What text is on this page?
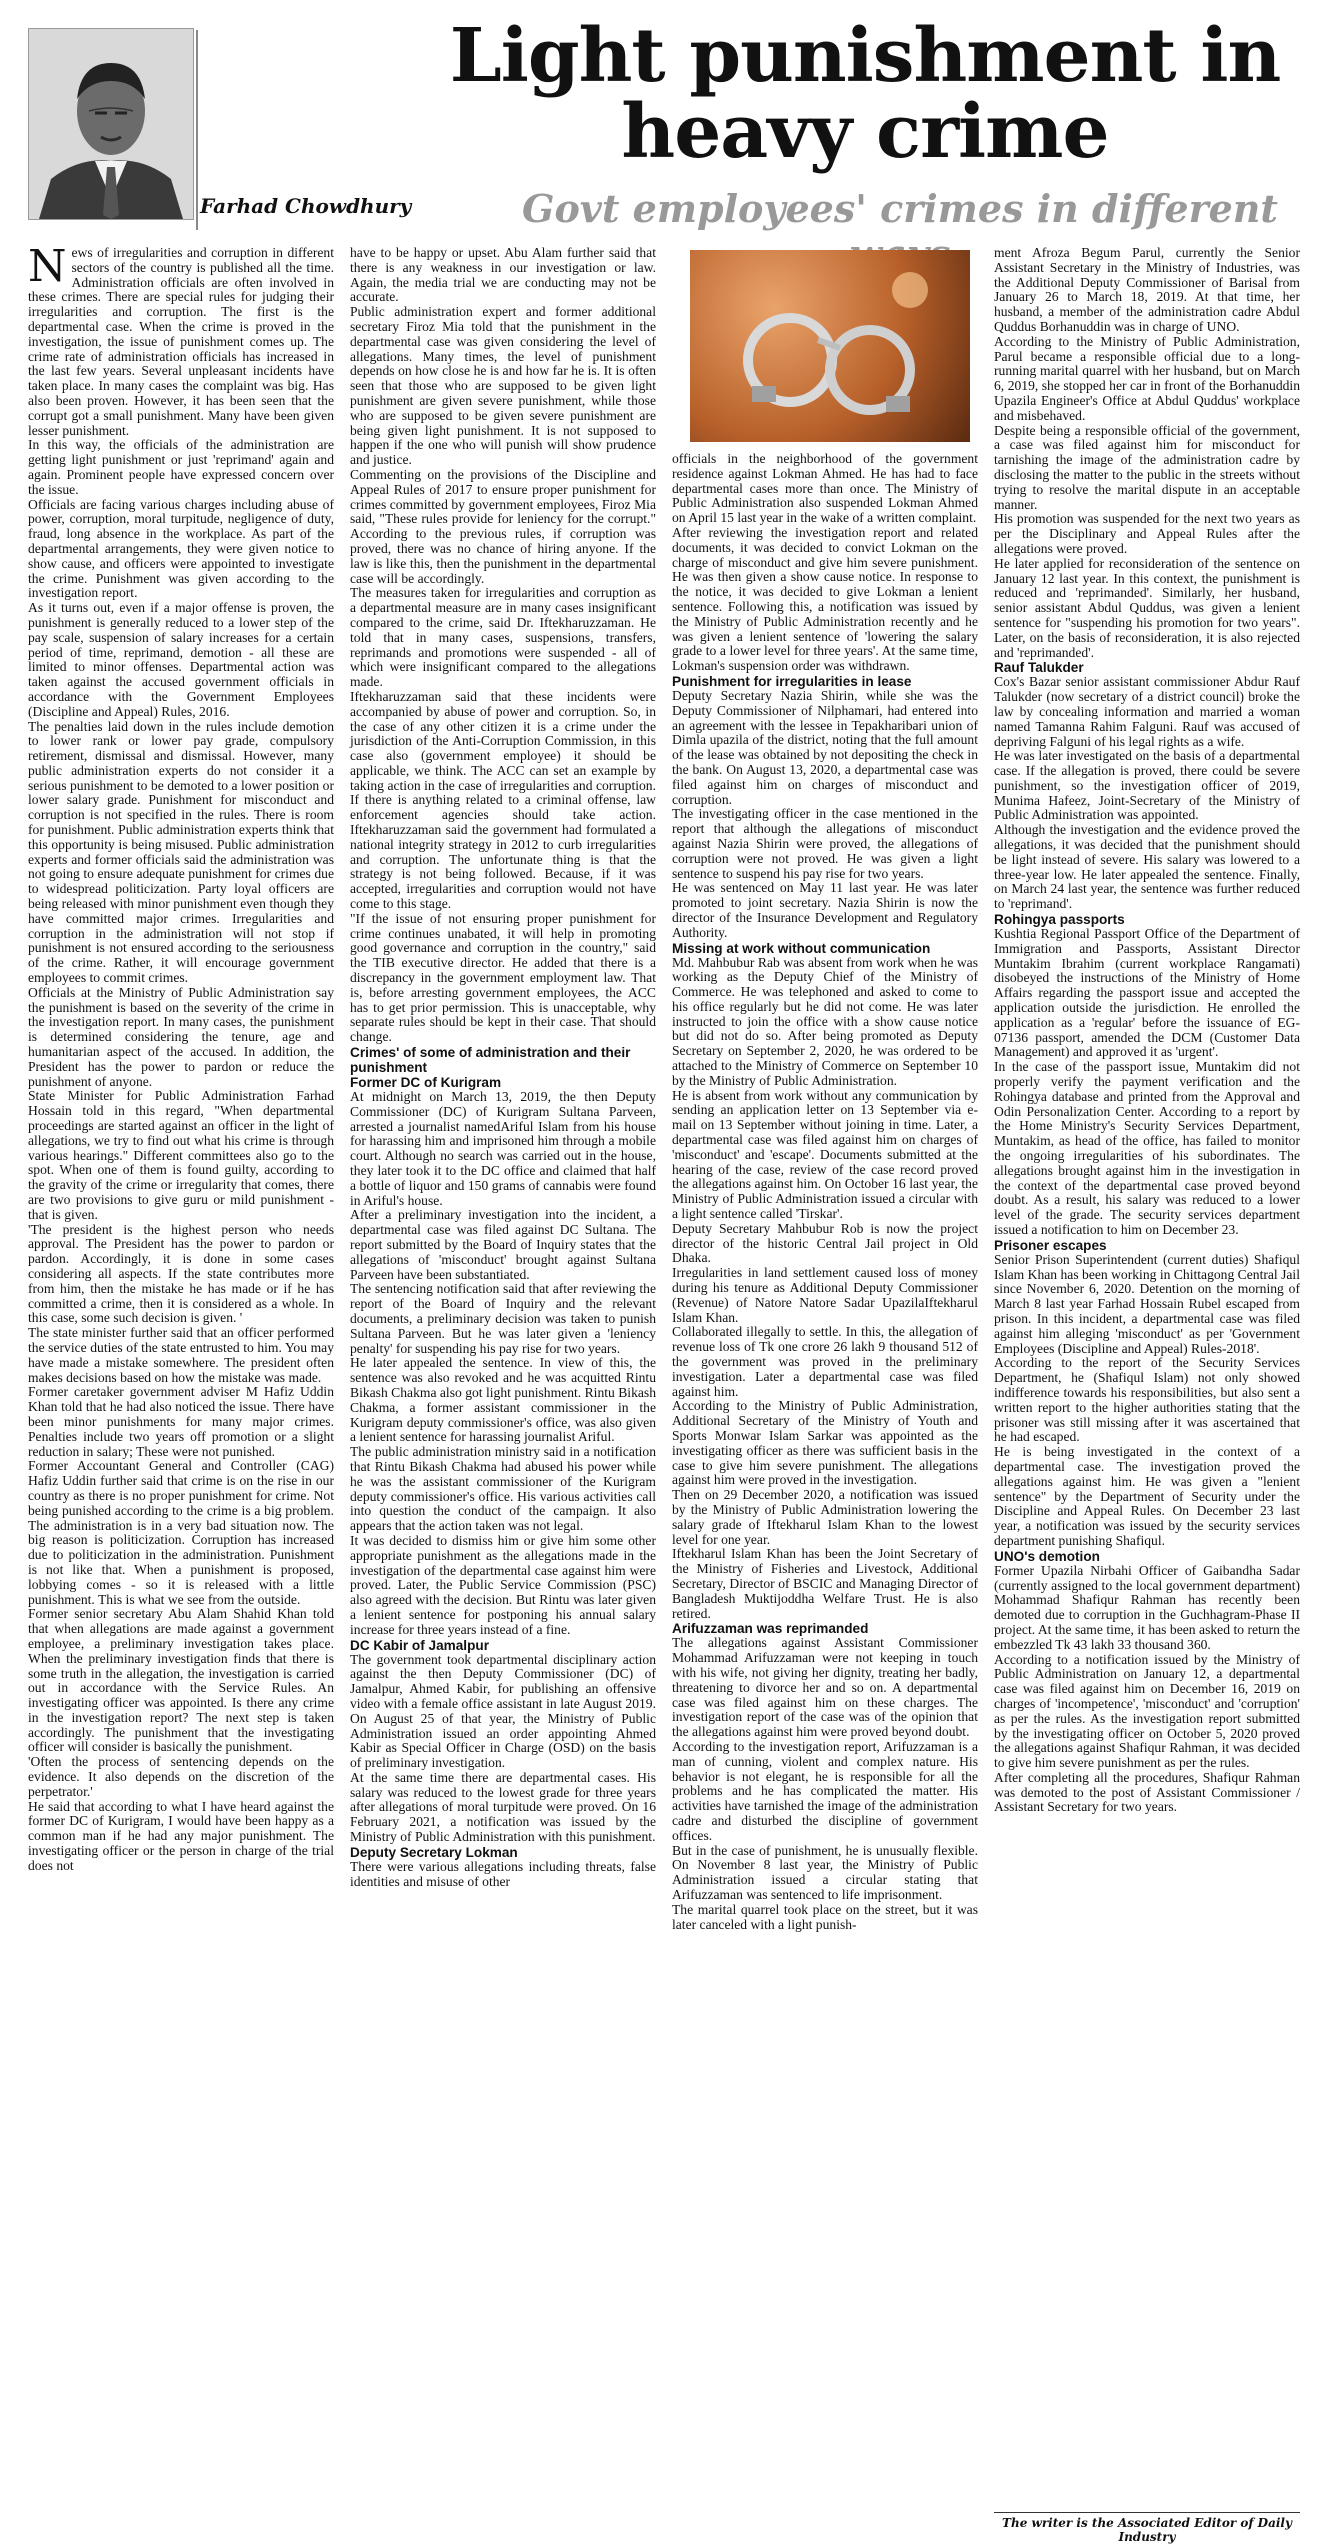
Farhad Chowdhury
Light punishment in heavy crime
Govt employees' crimes in different
N ews of irregularities and corruption in different sectors of the country is published all the time. Administration officials are often involved in these crimes. There are special rules for judging their irregularities and corruption. The first is the departmental case. When the crime is proved in the investigation, the issue of punishment comes up. The crime rate of administration officials has increased in the last few years. Several unpleasant incidents have taken place. In many cases the complaint was big. Has also been proven. However, it has been seen that the corrupt got a small punishment. Many have been given lesser punishment.

In this way, the officials of the administration are getting light punishment or just 'reprimand' again and again. Prominent people have expressed concern over the issue.

Officials are facing various charges including abuse of power, corruption, moral turpitude, negligence of duty, fraud, long absence in the workplace. As part of the departmental arrangements, they were given notice to show cause, and officers were appointed to investigate the crime. Punishment was given according to the investigation report.

As it turns out, even if a major offense is proven, the punishment is generally reduced to a lower step of the pay scale, suspension of salary increases for a certain period of time, reprimand, demotion - all these are limited to minor offenses. Departmental action was taken against the accused government officials in accordance with the Government Employees (Discipline and Appeal) Rules, 2016.

The penalties laid down in the rules include demotion to lower rank or lower pay grade, compulsory retirement, dismissal and dismissal. However, many public administration experts do not consider it a serious punishment to be demoted to a lower position or lower salary grade. Punishment for misconduct and corruption is not specified in the rules. There is room for punishment. Public administration experts think that this opportunity is being misused. Public administration experts and former officials said the administration was not going to ensure adequate punishment for crimes due to widespread politicization. Party loyal officers are being released with minor punishment even though they have committed major crimes. Irregularities and corruption in the administration will not stop if punishment is not ensured according to the seriousness of the crime. Rather, it will encourage government employees to commit crimes.

Officials at the Ministry of Public Administration say the punishment is based on the severity of the crime in the investigation report. In many cases, the punishment is determined considering the tenure, age and humanitarian aspect of the accused. In addition, the President has the power to pardon or reduce the punishment of anyone.

State Minister for Public Administration Farhad Hossain told in this regard, "When departmental proceedings are started against an officer in the light of allegations, we try to find out what his crime is through various hearings." Different committees also go to the spot. When one of them is found guilty, according to the gravity of the crime or irregularity that comes, there are two provisions to give guru or mild punishment - that is given.

'The president is the highest person who needs approval. The President has the power to pardon or pardon. Accordingly, it is done in some cases considering all aspects. If the state contributes more from him, then the mistake he has made or if he has committed a crime, then it is considered as a whole. In this case, some such decision is given. '

The state minister further said that an officer performed the service duties of the state entrusted to him. You may have made a mistake somewhere. The president often makes decisions based on how the mistake was made.

Former caretaker government adviser M Hafiz Uddin Khan told that he had also noticed the issue. There have been minor punishments for many major crimes. Penalties include two years off promotion or a slight reduction in salary; These were not punished.

Former Accountant General and Controller (CAG) Hafiz Uddin further said that crime is on the rise in our country as there is no proper punishment for crime. Not being punished according to the crime is a big problem. The administration is in a very bad situation now. The big reason is politicization. Corruption has increased due to politicization in the administration. Punishment is not like that. When a punishment is proposed, lobbying comes - so it is released with a little punishment. This is what we see from the outside.

Former senior secretary Abu Alam Shahid Khan told that when allegations are made against a government employee, a preliminary investigation takes place. When the preliminary investigation finds that there is some truth in the allegation, the investigation is carried out in accordance with the Service Rules. An investigating officer was appointed. Is there any crime in the investigation report? The next step is taken accordingly. The punishment that the investigating officer will consider is basically the punishment.

'Often the process of sentencing depends on the evidence. It also depends on the discretion of the perpetrator.'

He said that according to what I have heard against the former DC of Kurigram, I would have been happy as a common man if he had any major punishment. The investigating officer or the person in charge of the trial does not

have to be happy or upset. Abu Alam further said that there is any weakness in our investigation or law. Again, the media trial we are conducting may not be accurate.

Public administration expert and former additional secretary Firoz Mia told that the punishment in the departmental case was given considering the level of allegations. Many times, the level of punishment depends on how close he is and how far he is. It is often seen that those who are supposed to be given light punishment are given severe punishment, while those who are supposed to be given severe punishment are being given light punishment. It is not supposed to happen if the one who will punish will show prudence and justice.

Commenting on the provisions of the Discipline and Appeal Rules of 2017 to ensure proper punishment for crimes committed by government employees, Firoz Mia said, "These rules provide for leniency for the corrupt." According to the previous rules, if corruption was proved, there was no chance of hiring anyone. If the law is like this, then the punishment in the departmental case will be accordingly.

The measures taken for irregularities and corruption as a departmental measure are in many cases insignificant compared to the crime, said Dr. Iftekharuzzaman. He told that in many cases, suspensions, transfers, reprimands and promotions were suspended - all of which were insignificant compared to the allegations made.

Iftekharuzzaman said that these incidents were accompanied by abuse of power and corruption. So, in the case of any other citizen it is a crime under the jurisdiction of the Anti-Corruption Commission, in this case also (government employee) it should be applicable, we think. The ACC can set an example by taking action in the case of irregularities and corruption. If there is anything related to a criminal offense, law enforcement agencies should take action. Iftekharuzzaman said the government had formulated a national integrity strategy in 2012 to curb irregularities and corruption. The unfortunate thing is that the strategy is not being followed. Because, if it was accepted, irregularities and corruption would not have come to this stage.

"If the issue of not ensuring proper punishment for crime continues unabated, it will help in promoting good governance and corruption in the country," said the TIB executive director. He added that there is a discrepancy in the government employment law. That is, before arresting government employees, the ACC has to get prior permission. This is unacceptable, why separate rules should be kept in their case. That should change.

Crimes' of some of administration and their punishment
Former DC of Kurigram

At midnight on March 13, 2019, the then Deputy Commissioner (DC) of Kurigram Sultana Parveen, arrested a journalist namedAriful Islam from his house for harassing him and imprisoned him through a mobile court. Although no search was carried out in the house, they later took it to the DC office and claimed that half a bottle of liquor and 150 grams of cannabis were found in Ariful's house.

After a preliminary investigation into the incident, a departmental case was filed against DC Sultana. The report submitted by the Board of Inquiry states that the allegations of 'misconduct' brought against Sultana Parveen have been substantiated.

The sentencing notification said that after reviewing the report of the Board of Inquiry and the relevant documents, a preliminary decision was taken to punish Sultana Parveen. But he was later given a 'leniency penalty' for suspending his pay rise for two years.

He later appealed the sentence. In view of this, the sentence was also revoked and he was acquitted Rintu Bikash Chakma also got light punishment. Rintu Bikash Chakma, a former assistant commissioner in the Kurigram deputy commissioner's office, was also given a lenient sentence for harassing journalist Ariful.

The public administration ministry said in a notification that Rintu Bikash Chakma had abused his power while he was the assistant commissioner of the Kurigram deputy commissioner's office. His various activities call into question the conduct of the campaign. It also appears that the action taken was not legal.

It was decided to dismiss him or give him some other appropriate punishment as the allegations made in the investigation of the departmental case against him were proved. Later, the Public Service Commission (PSC) also agreed with the decision. But Rintu was later given a lenient sentence for postponing his annual salary increase for three years instead of a fine.

DC Kabir of Jamalpur

The government took departmental disciplinary action against the then Deputy Commissioner (DC) of Jamalpur, Ahmed Kabir, for publishing an offensive video with a female office assistant in late August 2019. On August 25 of that year, the Ministry of Public Administration issued an order appointing Ahmed Kabir as Special Officer in Charge (OSD) on the basis of preliminary investigation.

At the same time there are departmental cases. His salary was reduced to the lowest grade for three years after allegations of moral turpitude were proved. On 16 February 2021, a notification was issued by the Ministry of Public Administration with this punishment.

Deputy Secretary Lokman

There were various allegations including threats, false identities and misuse of other

officials in the neighborhood of the government residence against Lokman Ahmed. He has had to face departmental cases more than once. The Ministry of Public Administration also suspended Lokman Ahmed on April 15 last year in the wake of a written complaint.

After reviewing the investigation report and related documents, it was decided to convict Lokman on the charge of misconduct and give him severe punishment. He was then given a show cause notice. In response to the notice, it was decided to give Lokman a lenient sentence. Following this, a notification was issued by the Ministry of Public Administration recently and he was given a lenient sentence of 'lowering the salary grade to a lower level for three years'. At the same time, Lokman's suspension order was withdrawn.

Punishment for irregularities in lease

Deputy Secretary Nazia Shirin, while she was the Deputy Commissioner of Nilphamari, had entered into an agreement with the lessee in Tepakharibari union of Dimla upazila of the district, noting that the full amount of the lease was obtained by not depositing the check in the bank. On August 13, 2020, a departmental case was filed against him on charges of misconduct and corruption.

The investigating officer in the case mentioned in the report that although the allegations of misconduct against Nazia Shirin were proved, the allegations of corruption were not proved. He was given a light sentence to suspend his pay rise for two years.

He was sentenced on May 11 last year. He was later promoted to joint secretary. Nazia Shirin is now the director of the Insurance Development and Regulatory Authority.

Missing at work without communication

Md. Mahbubur Rab was absent from work when he was working as the Deputy Chief of the Ministry of Commerce. He was telephoned and asked to come to his office regularly but he did not come. He was later instructed to join the office with a show cause notice but did not do so. After being promoted as Deputy Secretary on September 2, 2020, he was ordered to be attached to the Ministry of Commerce on September 10 by the Ministry of Public Administration.

He is absent from work without any communication by sending an application letter on 13 September via e-mail on 13 September without joining in time. Later, a departmental case was filed against him on charges of 'misconduct' and 'escape'. Documents submitted at the hearing of the case, review of the case record proved the allegations against him. On October 16 last year, the Ministry of Public Administration issued a circular with a light sentence called 'Tirskar'.

Deputy Secretary Mahbubur Rob is now the project director of the historic Central Jail project in Old Dhaka.

Irregularities in land settlement caused loss of money during his tenure as Additional Deputy Commissioner (Revenue) of Natore Natore Sadar UpazilaIftekharul Islam Khan.

Collaborated illegally to settle. In this, the allegation of revenue loss of Tk one crore 26 lakh 9 thousand 512 of the government was proved in the preliminary investigation. Later a departmental case was filed against him.

According to the Ministry of Public Administration, Additional Secretary of the Ministry of Youth and Sports Monwar Islam Sarkar was appointed as the investigating officer as there was sufficient basis in the case to give him severe punishment. The allegations against him were proved in the investigation.

Then on 29 December 2020, a notification was issued by the Ministry of Public Administration lowering the salary grade of Iftekharul Islam Khan to the lowest level for one year.

Iftekharul Islam Khan has been the Joint Secretary of the Ministry of Fisheries and Livestock, Additional Secretary, Director of BSCIC and Managing Director of Bangladesh Muktijoddha Welfare Trust. He is also retired.

Arifuzzaman was reprimanded

The allegations against Assistant Commissioner Mohammad Arifuzzaman were not keeping in touch with his wife, not giving her dignity, treating her badly, threatening to divorce her and so on. A departmental case was filed against him on these charges. The investigation report of the case was of the opinion that the allegations against him were proved beyond doubt.

According to the investigation report, Arifuzzaman is a man of cunning, violent and complex nature. His behavior is not elegant, he is responsible for all the problems and he has complicated the matter. His activities have tarnished the image of the administration cadre and disturbed the discipline of government offices.

But in the case of punishment, he is unusually flexible. On November 8 last year, the Ministry of Public Administration issued a circular stating that Arifuzzaman was sentenced to life imprisonment.

The marital quarrel took place on the street, but it was later canceled with a light punish-

ment Afroza Begum Parul, currently the Senior Assistant Secretary in the Ministry of Industries, was the Additional Deputy Commissioner of Barisal from January 26 to March 18, 2019. At that time, her husband, a member of the administration cadre Abdul Quddus Borhanuddin was in charge of UNO.

According to the Ministry of Public Administration, Parul became a responsible official due to a long-running marital quarrel with her husband, but on March 6, 2019, she stopped her car in front of the Borhanuddin Upazila Engineer's Office at Abdul Quddus' workplace and misbehaved.

Despite being a responsible official of the government, a case was filed against him for misconduct for tarnishing the image of the administration cadre by disclosing the matter to the public in the streets without trying to resolve the marital dispute in an acceptable manner.

His promotion was suspended for the next two years as per the Disciplinary and Appeal Rules after the allegations were proved.

He later applied for reconsideration of the sentence on January 12 last year. In this context, the punishment is reduced and 'reprimanded'. Similarly, her husband, senior assistant Abdul Quddus, was given a lenient sentence for "suspending his promotion for two years". Later, on the basis of reconsideration, it is also rejected and 'reprimanded'.

Rauf Talukder

Cox's Bazar senior assistant commissioner Abdur Rauf Talukder (now secretary of a district council) broke the law by concealing information and married a woman named Tamanna Rahim Falguni. Rauf was accused of depriving Falguni of his legal rights as a wife.

He was later investigated on the basis of a departmental case. If the allegation is proved, there could be severe punishment, so the investigation officer of 2019, Munima Hafeez, Joint-Secretary of the Ministry of Public Administration was appointed.

Although the investigation and the evidence proved the allegations, it was decided that the punishment should be light instead of severe. His salary was lowered to a three-year low. He later appealed the sentence. Finally, on March 24 last year, the sentence was further reduced to 'reprimand'.

Rohingya passports

Kushtia Regional Passport Office of the Department of Immigration and Passports, Assistant Director Muntakim Ibrahim (current workplace Rangamati) disobeyed the instructions of the Ministry of Home Affairs regarding the passport issue and accepted the application outside the jurisdiction. He enrolled the application as a 'regular' before the issuance of EG-07136 passport, amended the DCM (Customer Data Management) and approved it as 'urgent'.

In the case of the passport issue, Muntakim did not properly verify the payment verification and the Rohingya database and printed from the Approval and Odin Personalization Center. According to a report by the Home Ministry's Security Services Department, Muntakim, as head of the office, has failed to monitor the ongoing irregularities of his subordinates. The allegations brought against him in the investigation in the context of the departmental case proved beyond doubt. As a result, his salary was reduced to a lower level of the grade. The security services department issued a notification to him on December 23.

Prisoner escapes

Senior Prison Superintendent (current duties) Shafiqul Islam Khan has been working in Chittagong Central Jail since November 6, 2020. Detention on the morning of March 8 last year Farhad Hossain Rubel escaped from prison. In this incident, a departmental case was filed against him alleging 'misconduct' as per 'Government Employees (Discipline and Appeal) Rules-2018'.

According to the report of the Security Services Department, he (Shafiqul Islam) not only showed indifference towards his responsibilities, but also sent a written report to the higher authorities stating that the prisoner was still missing after it was ascertained that he had escaped.

He is being investigated in the context of a departmental case. The investigation proved the allegations against him. He was given a "lenient sentence" by the Department of Security under the Discipline and Appeal Rules. On December 23 last year, a notification was issued by the security services department punishing Shafiqul.

UNO's demotion

Former Upazila Nirbahi Officer of Gaibandha Sadar (currently assigned to the local government department) Mohammad Shafiqur Rahman has recently been demoted due to corruption in the Guchhagram-Phase II project. At the same time, it has been asked to return the embezzled Tk 43 lakh 33 thousand 360.

According to a notification issued by the Ministry of Public Administration on January 12, a departmental case was filed against him on December 16, 2019 on charges of 'incompetence', 'misconduct' and 'corruption' as per the rules. As the investigation report submitted by the investigating officer on October 5, 2020 proved the allegations against Shafiqur Rahman, it was decided to give him severe punishment as per the rules.

After completing all the procedures, Shafiqur Rahman was demoted to the post of Assistant Commissioner / Assistant Secretary for two years.

The writer is the Associated Editor of Daily Industry
